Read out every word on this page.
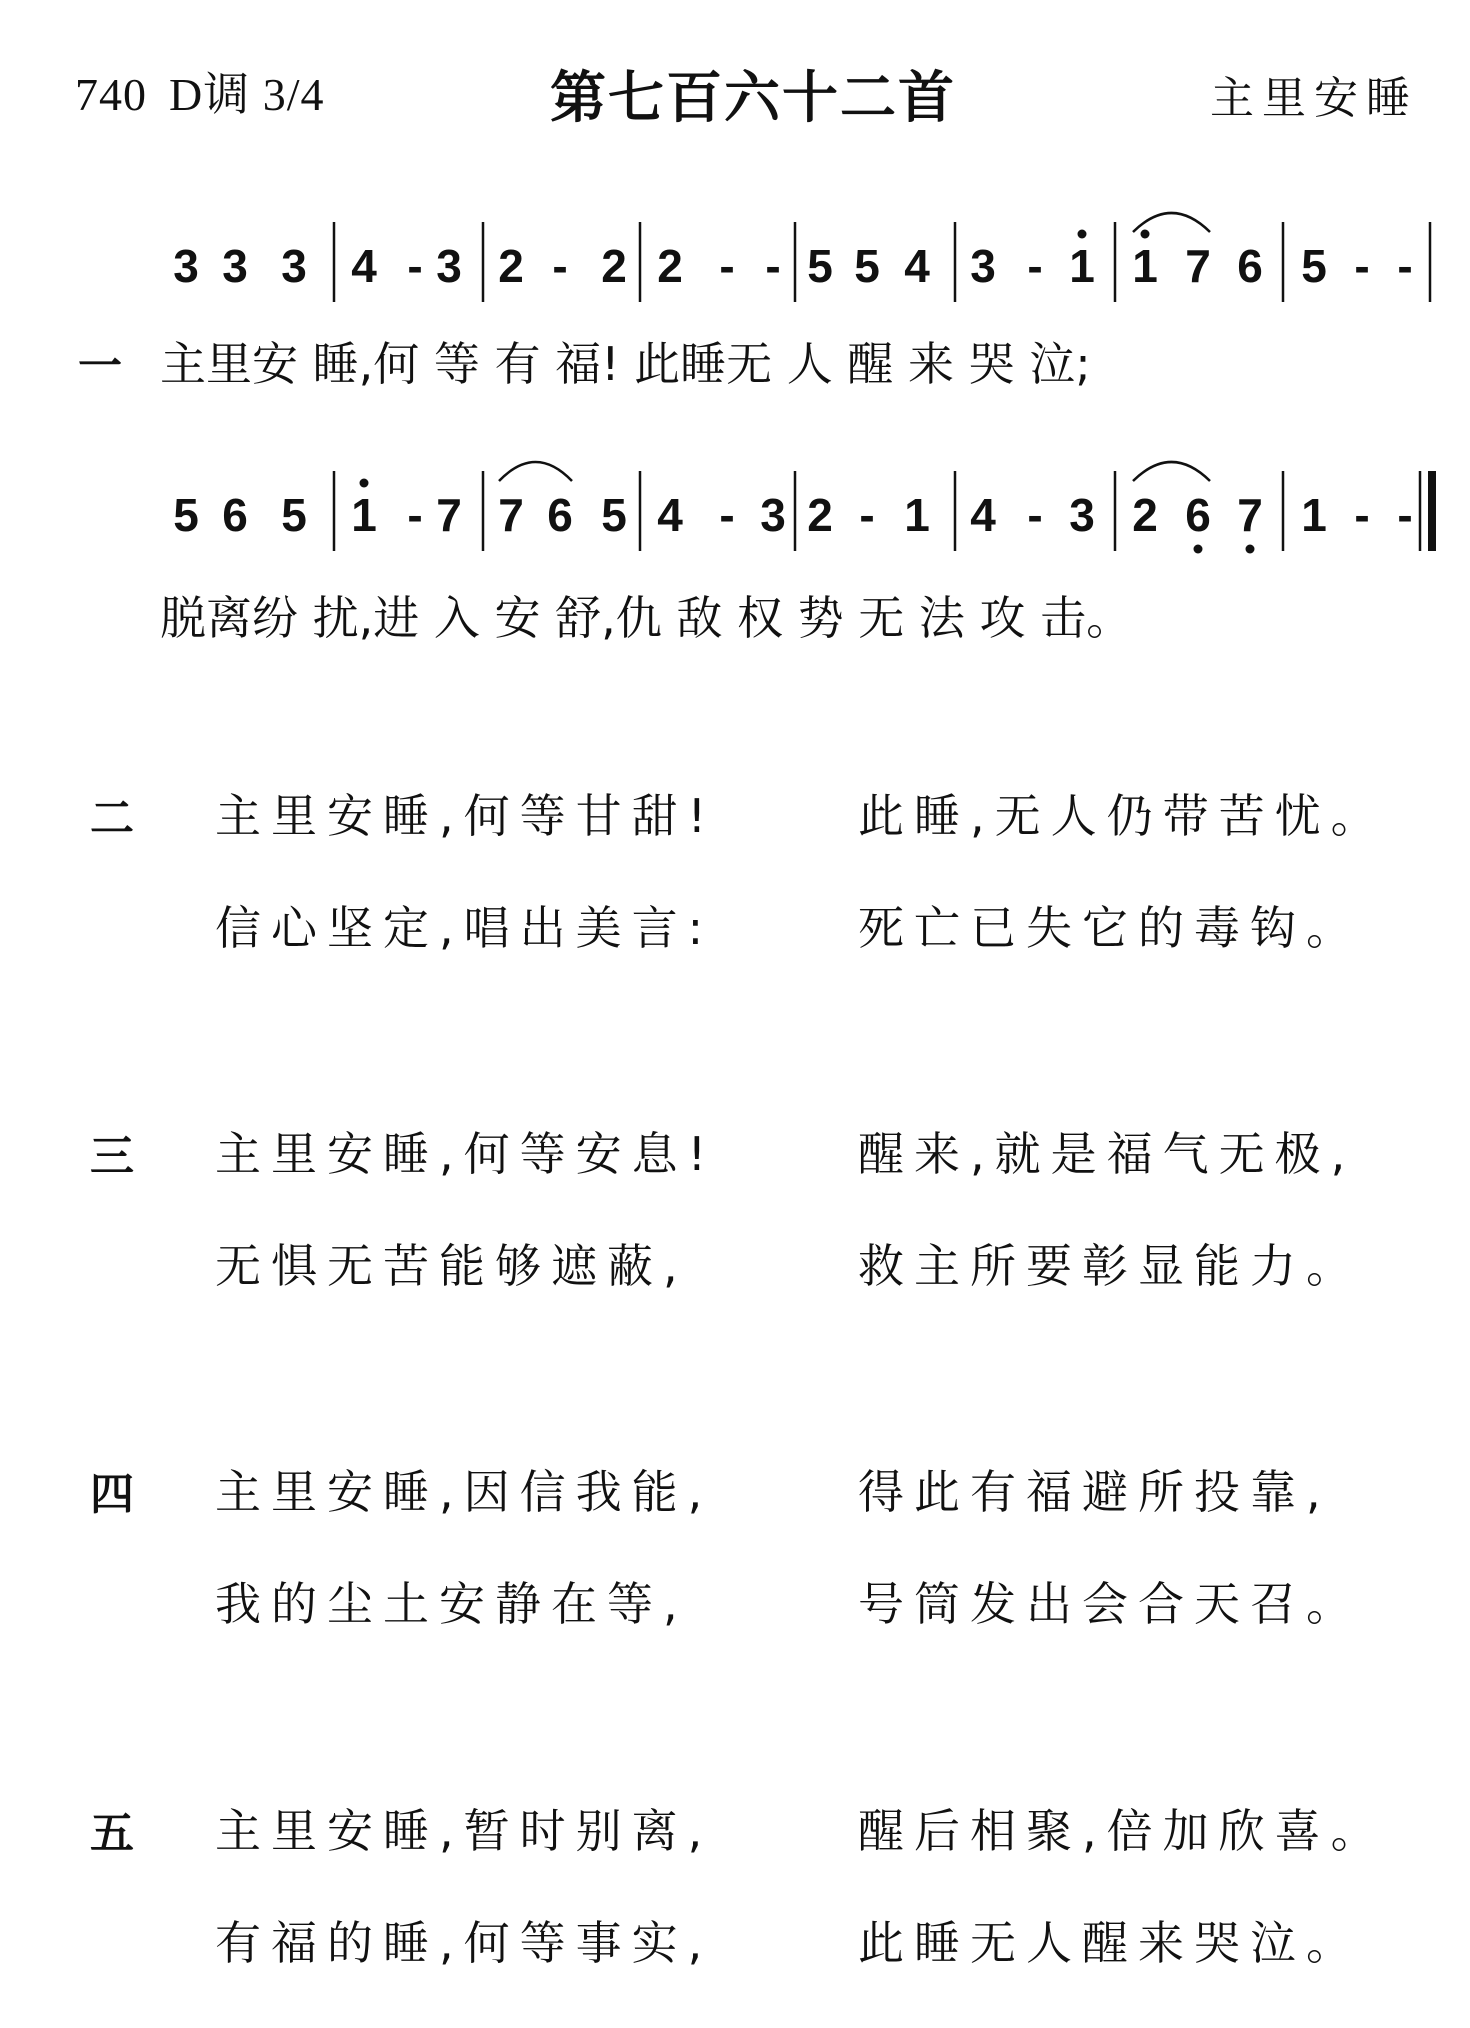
740 D调 3/4	第七百六十二首	主里安睡
3 3 3 4 - 3 2 - 2 2 - - 5 5 4 3 - 1 1 7 6 5 - -
5 6 5 1 - 7 7 6 5 4 - 3 2 - 1 4 - 3 2 6 7 1 - -
一 主里安 睡,何 等 有 福! 此睡无 人 醒 来 哭 泣;
脱离纷 扰,进 入 安 舒,仇 敌 权 势 无 法 攻 击。
二 主里安睡,何等甘甜!	此睡,无人仍带苦忧。
信心坚定,唱出美言:	死亡已失它的毒钩。
三 主里安睡,何等安息!	醒来,就是福气无极,
无惧无苦能够遮蔽,	救主所要彰显能力。
四 主里安睡,因信我能,	得此有福避所投靠,
我的尘土安静在等,	号筒发出会合天召。
五 主里安睡,暂时别离,	醒后相聚,倍加欣喜。
有福的睡,何等事实,	此睡无人醒来哭泣。
